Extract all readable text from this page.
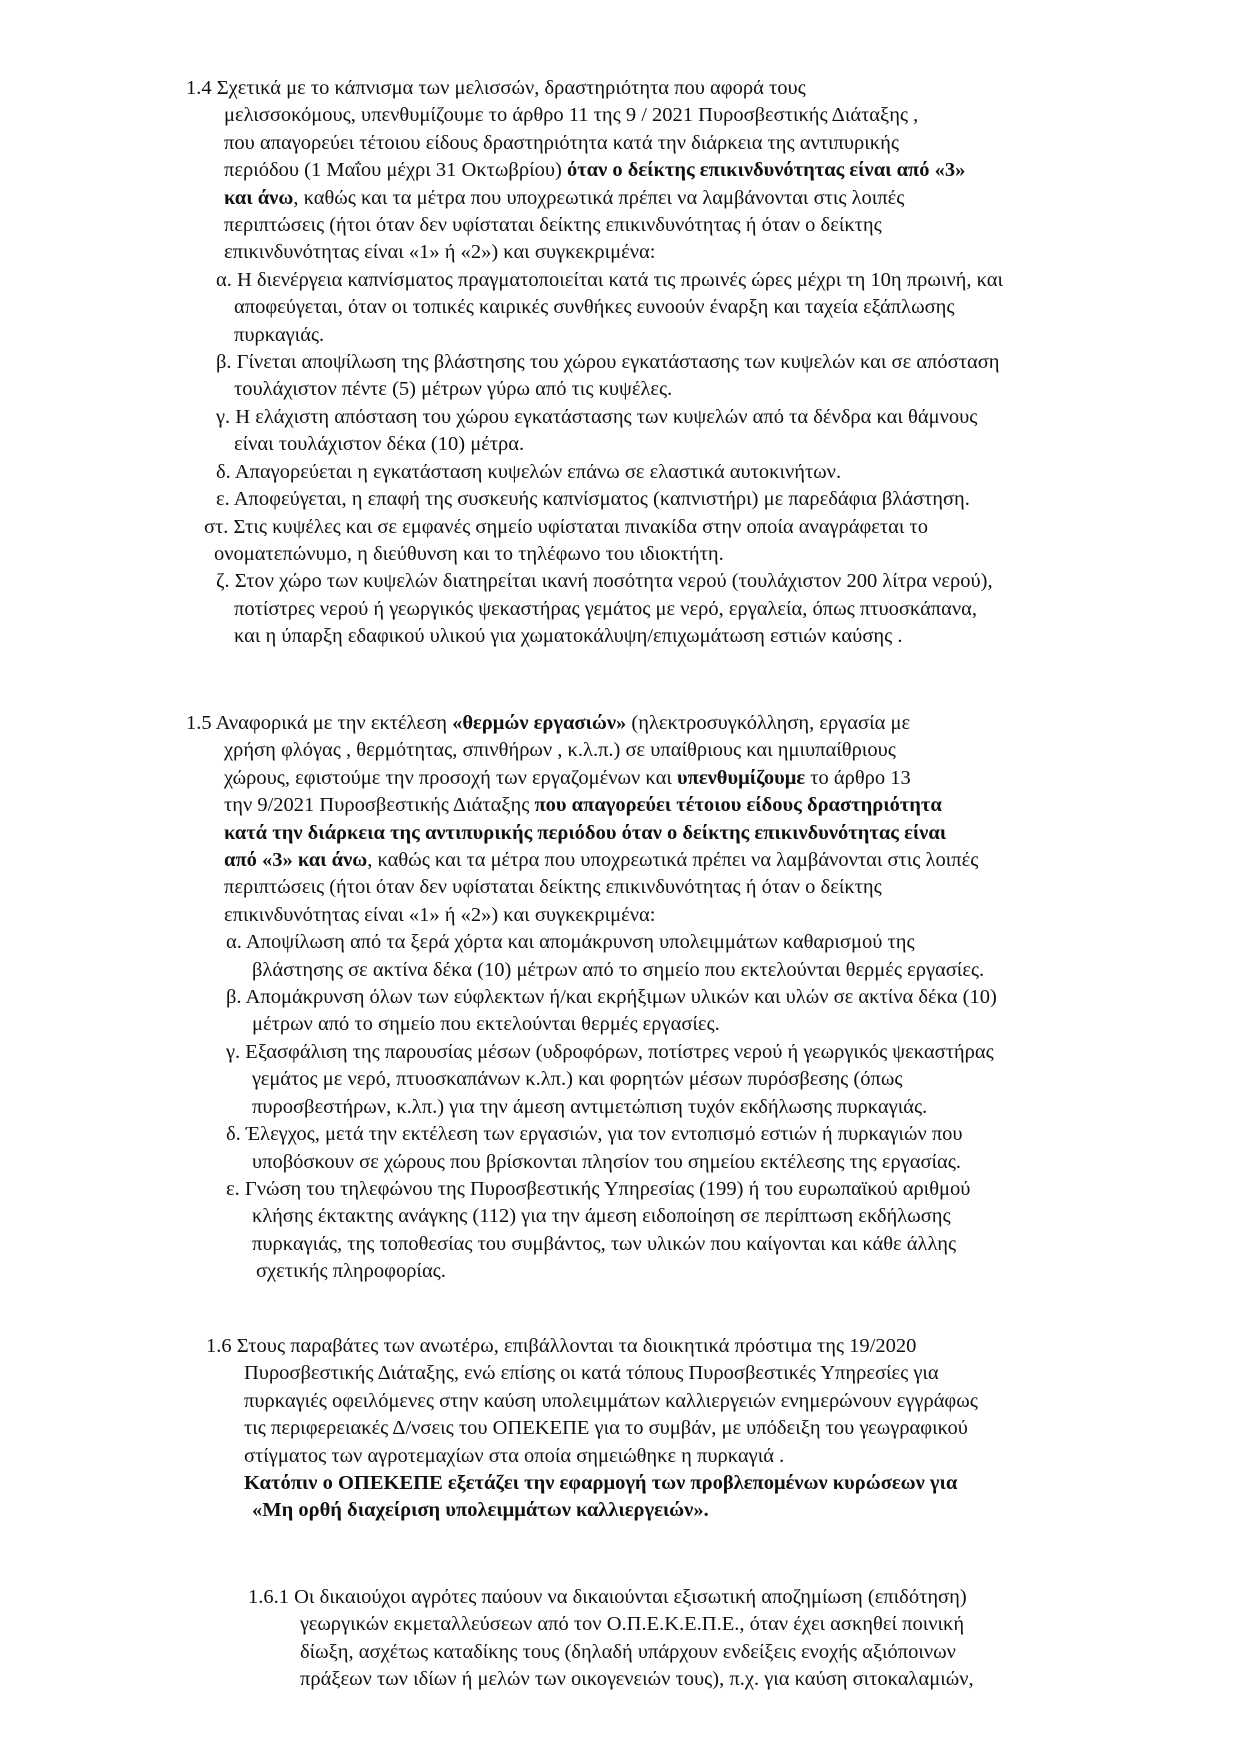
1.4 Σχετικά με το κάπνισμα των μελισσών, δραστηριότητα που αφορά τους
μελισσοκόμους, υπενθυμίζουμε το άρθρο 11 της 9 / 2021 Πυροσβεστικής Διάταξης ,
που απαγορεύει τέτοιου είδους δραστηριότητα κατά την διάρκεια της αντιπυρικής
περιόδου (1 Μαΐου μέχρι 31 Οκτωβρίου) όταν ο δείκτης επικινδυνότητας είναι από «3»
και άνω, καθώς και τα μέτρα που υποχρεωτικά πρέπει να λαμβάνονται στις λοιπές
περιπτώσεις (ήτοι όταν δεν υφίσταται δείκτης επικινδυνότητας ή όταν ο δείκτης
επικινδυνότητας είναι «1» ή «2») και συγκεκριμένα:
α. Η διενέργεια καπνίσματος πραγματοποιείται κατά τις πρωινές ώρες μέχρι τη 10η πρωινή, και
αποφεύγεται, όταν οι τοπικές καιρικές συνθήκες ευνοούν έναρξη και ταχεία εξάπλωσης
πυρκαγιάς.
β. Γίνεται αποψίλωση της βλάστησης του χώρου εγκατάστασης των κυψελών και σε απόσταση
τουλάχιστον πέντε (5) μέτρων γύρω από τις κυψέλες.
γ. Η ελάχιστη απόσταση του χώρου εγκατάστασης των κυψελών από τα δένδρα και θάμνους
είναι τουλάχιστον δέκα (10) μέτρα.
δ. Απαγορεύεται η εγκατάσταση κυψελών επάνω σε ελαστικά αυτοκινήτων.
ε. Αποφεύγεται, η επαφή της συσκευής καπνίσματος (καπνιστήρι) με παρεδάφια βλάστηση.
στ. Στις κυψέλες και σε εμφανές σημείο υφίσταται πινακίδα στην οποία αναγράφεται το
ονοματεπώνυμο, η διεύθυνση και το τηλέφωνο του ιδιοκτήτη.
ζ. Στον χώρο των κυψελών διατηρείται ικανή ποσότητα νερού (τουλάχιστον 200 λίτρα νερού),
ποτίστρες νερού ή γεωργικός ψεκαστήρας γεμάτος με νερό, εργαλεία, όπως πτυοσκάπανα,
και η ύπαρξη εδαφικού υλικού για χωματοκάλυψη/επιχωμάτωση εστιών καύσης .
1.5 Αναφορικά με την εκτέλεση «θερμών εργασιών» (ηλεκτροσυγκόλληση, εργασία με
χρήση φλόγας , θερμότητας, σπινθήρων , κ.λ.π.) σε υπαίθριους και ημιυπαίθριους
χώρους, εφιστούμε την προσοχή των εργαζομένων και υπενθυμίζουμε το άρθρο 13
την 9/2021 Πυροσβεστικής Διάταξης που απαγορεύει τέτοιου είδους δραστηριότητα
κατά την διάρκεια της αντιπυρικής περιόδου όταν ο δείκτης επικινδυνότητας είναι
από «3» και άνω, καθώς και τα μέτρα που υποχρεωτικά πρέπει να λαμβάνονται στις λοιπές
περιπτώσεις (ήτοι όταν δεν υφίσταται δείκτης επικινδυνότητας ή όταν ο δείκτης
επικινδυνότητας είναι «1» ή «2») και συγκεκριμένα:
α. Αποψίλωση από τα ξερά χόρτα και απομάκρυνση υπολειμμάτων καθαρισμού της
βλάστησης σε ακτίνα δέκα (10) μέτρων από το σημείο που εκτελούνται θερμές εργασίες.
β. Απομάκρυνση όλων των εύφλεκτων ή/και εκρήξιμων υλικών και υλών σε ακτίνα δέκα (10)
μέτρων από το σημείο που εκτελούνται θερμές εργασίες.
γ. Εξασφάλιση της παρουσίας μέσων (υδροφόρων, ποτίστρες νερού ή γεωργικός ψεκαστήρας
γεμάτος με νερό, πτυοσκαπάνων κ.λπ.) και φορητών μέσων πυρόσβεσης (όπως
πυροσβεστήρων, κ.λπ.) για την άμεση αντιμετώπιση τυχόν εκδήλωσης πυρκαγιάς.
δ. Έλεγχος, μετά την εκτέλεση των εργασιών, για τον εντοπισμό εστιών ή πυρκαγιών που
υποβόσκουν σε χώρους που βρίσκονται πλησίον του σημείου εκτέλεσης της εργασίας.
ε. Γνώση του τηλεφώνου της Πυροσβεστικής Υπηρεσίας (199) ή του ευρωπαϊκού αριθμού
κλήσης έκτακτης ανάγκης (112) για την άμεση ειδοποίηση σε περίπτωση εκδήλωσης
πυρκαγιάς, της τοποθεσίας του συμβάντος, των υλικών που καίγονται και κάθε άλλης
σχετικής πληροφορίας.
1.6 Στους παραβάτες των ανωτέρω, επιβάλλονται τα διοικητικά πρόστιμα της 19/2020
Πυροσβεστικής Διάταξης, ενώ επίσης οι κατά τόπους Πυροσβεστικές Υπηρεσίες για
πυρκαγιές οφειλόμενες στην καύση υπολειμμάτων καλλιεργειών ενημερώνουν εγγράφως
τις περιφερειακές Δ/νσεις του ΟΠΕΚΕΠΕ για το συμβάν, με υπόδειξη του γεωγραφικού
στίγματος των αγροτεμαχίων στα οποία σημειώθηκε η πυρκαγιά .
Κατόπιν ο ΟΠΕΚΕΠΕ εξετάζει την εφαρμογή των προβλεπομένων κυρώσεων για
«Μη ορθή διαχείριση υπολειμμάτων καλλιεργειών».
1.6.1 Οι δικαιούχοι αγρότες παύουν να δικαιούνται εξισωτική αποζημίωση (επιδότηση)
γεωργικών εκμεταλλεύσεων από τον Ο.Π.Ε.Κ.Ε.Π.Ε., όταν έχει ασκηθεί ποινική
δίωξη, ασχέτως καταδίκης τους (δηλαδή υπάρχουν ενδείξεις ενοχής αξιόποινων
πράξεων των ιδίων ή μελών των οικογενειών τους), π.χ. για καύση σιτοκαλαμιών,
